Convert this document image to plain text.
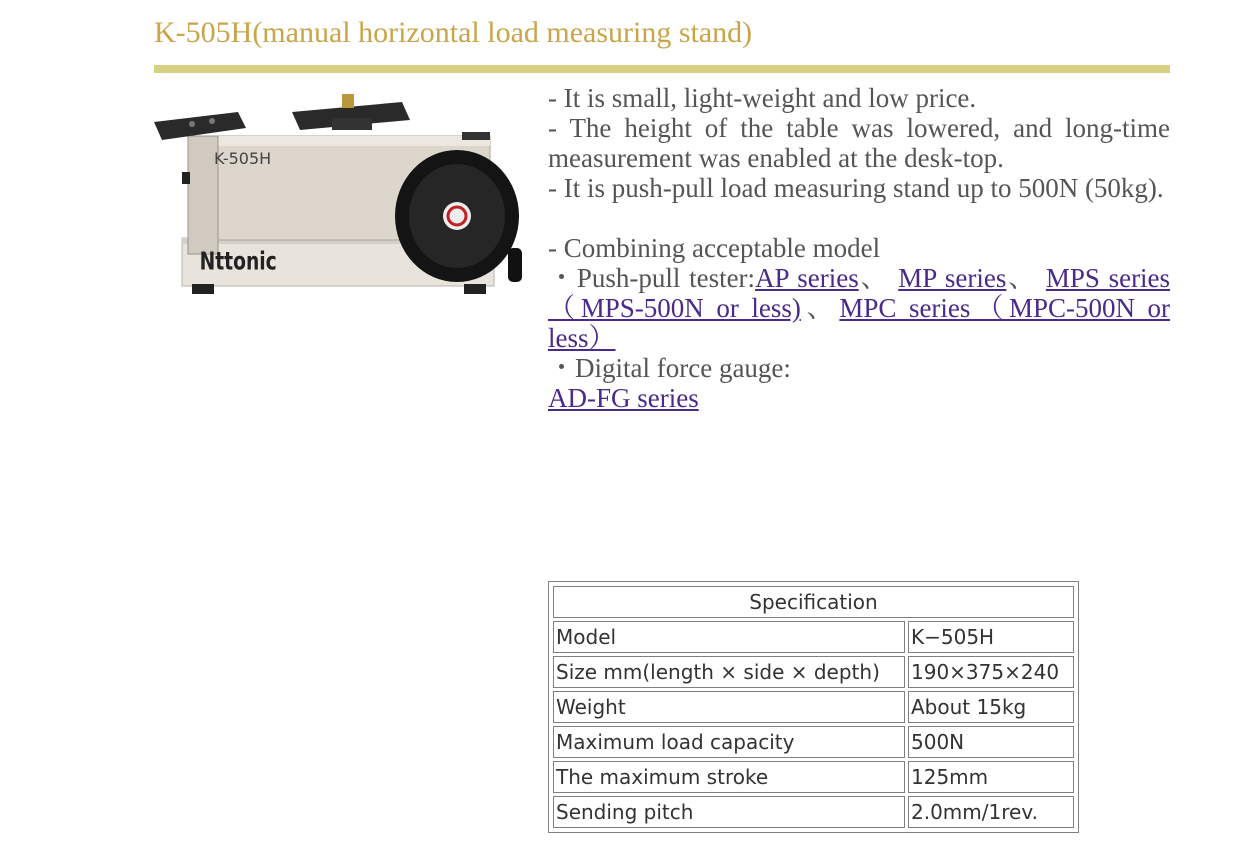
K-505H(manual horizontal load measuring stand)
K-505H
Nttonic

- It is small, light-weight and low price.

- The height of the table was lowered, and long-time measurement was enabled at the desk-top.

- It is push-pull load measuring stand up to 500N (50kg).

- Combining acceptable model

・Push-pull tester:AP series、 MP series、 MPS series（MPS-500N or less)、MPC series（MPC-500N or less）

・Digital force gauge:

AD-FG series

Specification	
Model	K−505H
Size mm(length × side × depth)	190×375×240
Weight	About 15kg
Maximum load capacity	500N
The maximum stroke	125mm
Sending pitch	2.0mm/1rev.
